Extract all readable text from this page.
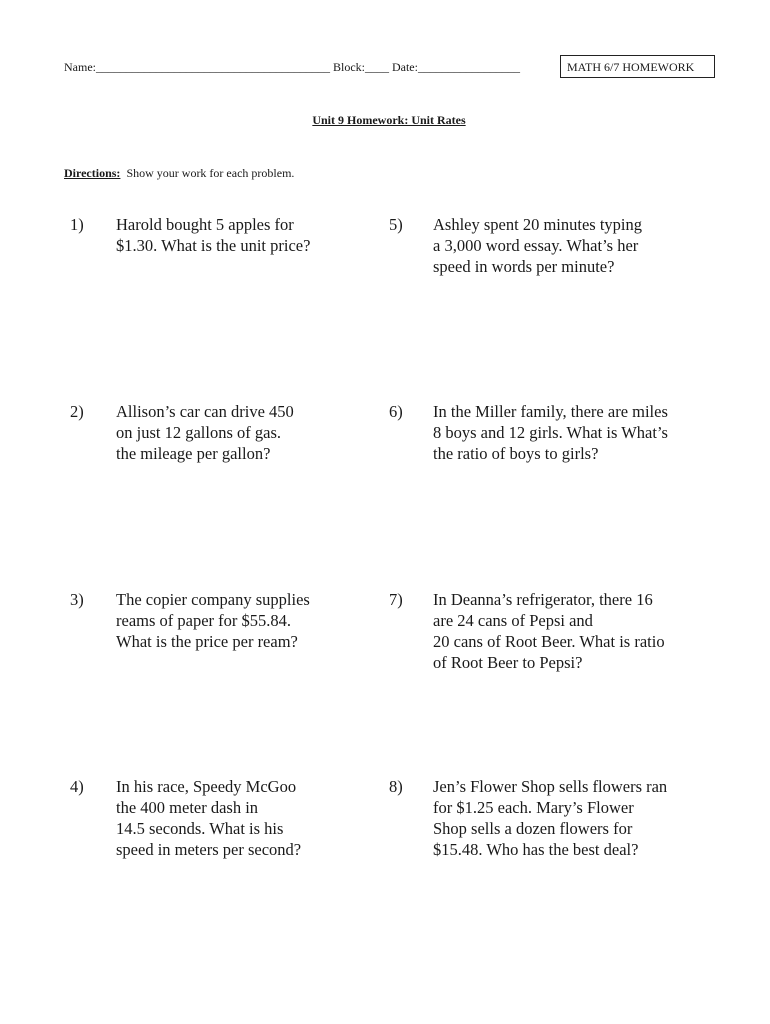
Name:_______________________________________ Block:____ Date:_________________	MATH 6/7 HOMEWORK
Unit 9 Homework: Unit Rates
Directions: Show your work for each problem.
1) Harold bought 5 apples for
$1.30. What is the unit price?
2) Allison’s car can drive 450
on just 12 gallons of gas.
the mileage per gallon?
3) The copier company supplies
reams of paper for $55.84.
What is the price per ream?
4) In his race, Speedy McGoo
the 400 meter dash in
14.5 seconds. What is his
speed in meters per second?
5) Ashley spent 20 minutes typing
a 3,000 word essay. What’s her
speed in words per minute?
6) In the Miller family, there are miles
8 boys and 12 girls. What is What’s
the ratio of boys to girls?
7) In Deanna’s refrigerator, there 16
are 24 cans of Pepsi and
20 cans of Root Beer. What is ratio
of Root Beer to Pepsi?
8) Jen’s Flower Shop sells flowers ran
for $1.25 each. Mary’s Flower
Shop sells a dozen flowers for
$15.48. Who has the best deal?
